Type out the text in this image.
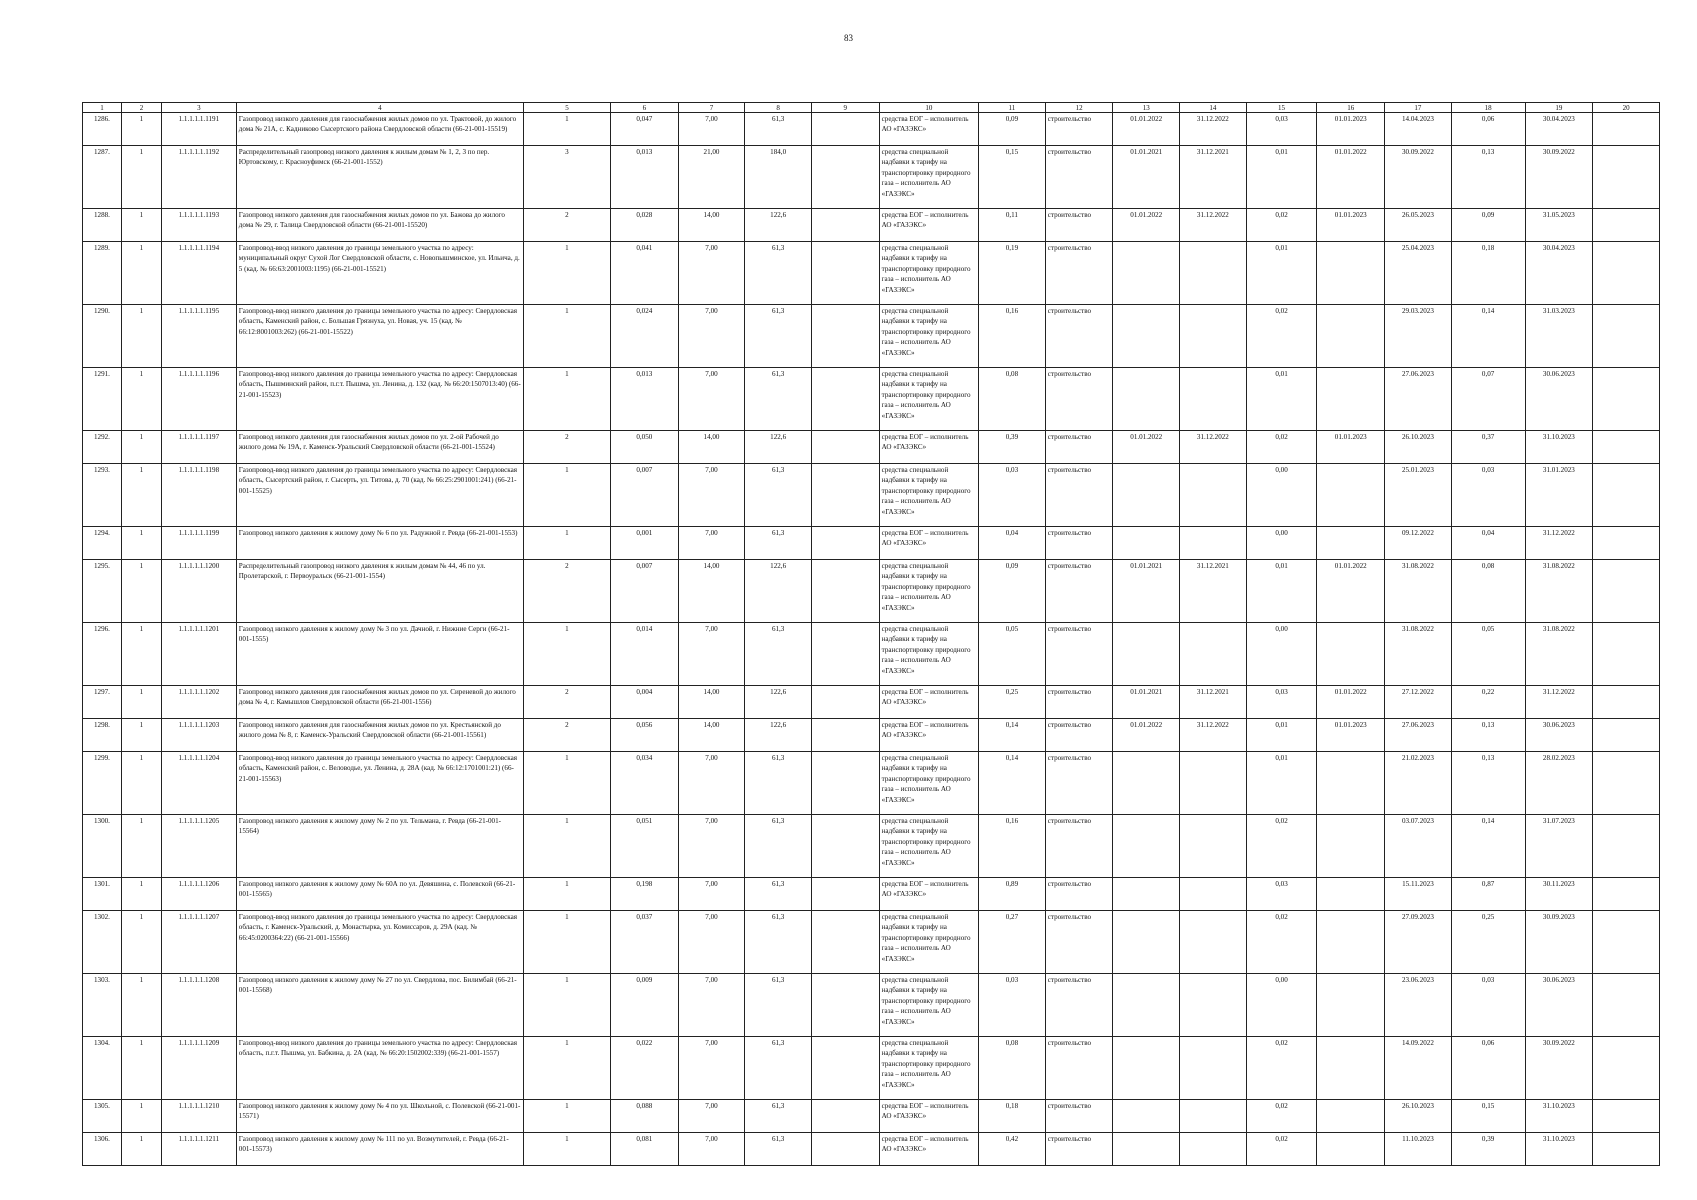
83
1	2	3	4	5	6	7	8	9	10	11	12	13	14	15	16	17	18	19	20
1286.	1	1.1.1.1.1.1191	Газопровод низкого давления для газоснабжения жилых домов по ул. Трактовой, до жилого дома № 21А, с. Кадниково Сысертского района Свердловской области (66-21-001-15519)	1	0,047	7,00	61,3		средства ЕОГ – исполнитель АО «ГАЗЭКС»	0,09	строительство	01.01.2022	31.12.2022	0,03	01.01.2023	14.04.2023	0,06	30.04.2023	
1287.	1	1.1.1.1.1.1192	Распределительный газопровод низкого давления к жилым домам № 1, 2, 3 по пер. Юртовскому, г. Красноуфимск (66-21-001-1552)	3	0,013	21,00	184,0		средства специальной надбавки к тарифу на транспортировку природного газа – исполнитель АО «ГАЗЭКС»	0,15	строительство	01.01.2021	31.12.2021	0,01	01.01.2022	30.09.2022	0,13	30.09.2022	
1288.	1	1.1.1.1.1.1193	Газопровод низкого давления для газоснабжения жилых домов по ул. Бажова до жилого дома № 29, г. Талица Свердловской области (66-21-001-15520)	2	0,028	14,00	122,6		средства ЕОГ – исполнитель АО «ГАЗЭКС»	0,11	строительство	01.01.2022	31.12.2022	0,02	01.01.2023	26.05.2023	0,09	31.05.2023	
1289.	1	1.1.1.1.1.1194	Газопровод-ввод низкого давления до границы земельного участка по адресу: муниципальный округ Сухой Лог Свердловской области, с. Новопышминское, ул. Ильича, д. 5 (кад. № 66:63:2001003:1195) (66-21-001-15521)	1	0,041	7,00	61,3		средства специальной надбавки к тарифу на транспортировку природного газа – исполнитель АО «ГАЗЭКС»	0,19	строительство			0,01		25.04.2023	0,18	30.04.2023	
1290.	1	1.1.1.1.1.1195	Газопровод-ввод низкого давления до границы земельного участка по адресу: Свердловская область, Каменский район, с. Большая Грязнуха, ул. Новая, уч. 15 (кад. № 66:12:8001003:262) (66-21-001-15522)	1	0,024	7,00	61,3		средства специальной надбавки к тарифу на транспортировку природного газа – исполнитель АО «ГАЗЭКС»	0,16	строительство			0,02		29.03.2023	0,14	31.03.2023	
1291.	1	1.1.1.1.1.1196	Газопровод-ввод низкого давления до границы земельного участка по адресу: Свердловская область, Пышминский район, п.г.т. Пышма, ул. Ленина, д. 132 (кад. № 66:20:1507013:40) (66-21-001-15523)	1	0,013	7,00	61,3		средства специальной надбавки к тарифу на транспортировку природного газа – исполнитель АО «ГАЗЭКС»	0,08	строительство			0,01		27.06.2023	0,07	30.06.2023	
1292.	1	1.1.1.1.1.1197	Газопровод низкого давления для газоснабжения жилых домов по ул. 2-ой Рабочей до жилого дома № 19А, г. Каменск-Уральский Свердловской области (66-21-001-15524)	2	0,050	14,00	122,6		средства ЕОГ – исполнитель АО «ГАЗЭКС»	0,39	строительство	01.01.2022	31.12.2022	0,02	01.01.2023	26.10.2023	0,37	31.10.2023	
1293.	1	1.1.1.1.1.1198	Газопровод-ввод низкого давления до границы земельного участка по адресу: Свердловская область, Сысертский район, г. Сысерть, ул. Титова, д. 70 (кад. № 66:25:2901001:241) (66-21-001-15525)	1	0,007	7,00	61,3		средства специальной надбавки к тарифу на транспортировку природного газа – исполнитель АО «ГАЗЭКС»	0,03	строительство			0,00		25.01.2023	0,03	31.01.2023	
1294.	1	1.1.1.1.1.1199	Газопровод низкого давления к жилому дому № 6 по ул. Радужной г. Ревда (66-21-001-1553)	1	0,001	7,00	61,3		средства ЕОГ – исполнитель АО «ГАЗЭКС»	0,04	строительство			0,00		09.12.2022	0,04	31.12.2022	
1295.	1	1.1.1.1.1.1200	Распределительный газопровод низкого давления к жилым домам № 44, 46 по ул. Пролетарской, г. Первоуральск (66-21-001-1554)	2	0,007	14,00	122,6		средства специальной надбавки к тарифу на транспортировку природного газа – исполнитель АО «ГАЗЭКС»	0,09	строительство	01.01.2021	31.12.2021	0,01	01.01.2022	31.08.2022	0,08	31.08.2022	
1296.	1	1.1.1.1.1.1201	Газопровод низкого давления к жилому дому № 3 по ул. Дачной, г. Нижние Серги (66-21-001-1555)	1	0,014	7,00	61,3		средства специальной надбавки к тарифу на транспортировку природного газа – исполнитель АО «ГАЗЭКС»	0,05	строительство			0,00		31.08.2022	0,05	31.08.2022	
1297.	1	1.1.1.1.1.1202	Газопровод низкого давления для газоснабжения жилых домов по ул. Сиреневой до жилого дома № 4, г. Камышлов Свердловской области (66-21-001-1556)	2	0,004	14,00	122,6		средства ЕОГ – исполнитель АО «ГАЗЭКС»	0,25	строительство	01.01.2021	31.12.2021	0,03	01.01.2022	27.12.2022	0,22	31.12.2022	
1298.	1	1.1.1.1.1.1203	Газопровод низкого давления для газоснабжения жилых домов по ул. Крестьянской до жилого дома № 8, г. Каменск-Уральский Свердловской области (66-21-001-15561)	2	0,056	14,00	122,6		средства ЕОГ – исполнитель АО «ГАЗЭКС»	0,14	строительство	01.01.2022	31.12.2022	0,01	01.01.2023	27.06.2023	0,13	30.06.2023	
1299.	1	1.1.1.1.1.1204	Газопровод-ввод низкого давления до границы земельного участка по адресу: Свердловская область, Каменский район, с. Beловодье, ул. Ленина, д. 28А (кад. № 66:12:1701001:21) (66-21-001-15563)	1	0,034	7,00	61,3		средства специальной надбавки к тарифу на транспортировку природного газа – исполнитель АО «ГАЗЭКС»	0,14	строительство			0,01		21.02.2023	0,13	28.02.2023	
1300.	1	1.1.1.1.1.1205	Газопровод низкого давления к жилому дому № 2 по ул. Тельмана, г. Ревда (66-21-001-15564)	1	0,051	7,00	61,3		средства специальной надбавки к тарифу на транспортировку природного газа – исполнитель АО «ГАЗЭКС»	0,16	строительство			0,02		03.07.2023	0,14	31.07.2023	
1301.	1	1.1.1.1.1.1206	Газопровод низкого давления к жилому дому № 60А по ул. Девяшина, с. Полевской (66-21-001-15565)	1	0,198	7,00	61,3		средства ЕОГ – исполнитель АО «ГАЗЭКС»	0,89	строительство			0,03		15.11.2023	0,87	30.11.2023	
1302.	1	1.1.1.1.1.1207	Газопровод-ввод низкого давления до границы земельного участка по адресу: Свердловская область, г. Каменск-Уральский, д. Монастырка, ул. Комиссаров, д. 29А (кад. № 66:45:0200364:22) (66-21-001-15566)	1	0,037	7,00	61,3		средства специальной надбавки к тарифу на транспортировку природного газа – исполнитель АО «ГАЗЭКС»	0,27	строительство			0,02		27.09.2023	0,25	30.09.2023	
1303.	1	1.1.1.1.1.1208	Газопровод низкого давления к жилому дому № 27 по ул. Свердлова, пос. Билимбай (66-21-001-15568)	1	0,009	7,00	61,3		средства специальной надбавки к тарифу на транспортировку природного газа – исполнитель АО «ГАЗЭКС»	0,03	строительство			0,00		23.06.2023	0,03	30.06.2023	
1304.	1	1.1.1.1.1.1209	Газопровод-ввод низкого давления до границы земельного участка по адресу: Свердловская область, п.г.т. Пышма, ул. Бабкина, д. 2А (кад. № 66:20:1502002:339) (66-21-001-1557)	1	0,022	7,00	61,3		средства специальной надбавки к тарифу на транспортировку природного газа – исполнитель АО «ГАЗЭКС»	0,08	строительство			0,02		14.09.2022	0,06	30.09.2022	
1305.	1	1.1.1.1.1.1210	Газопровод низкого давления к жилому дому № 4 по ул. Школьной, с. Полевской (66-21-001-15571)	1	0,088	7,00	61,3		средства ЕОГ – исполнитель АО «ГАЗЭКС»	0,18	строительство			0,02		26.10.2023	0,15	31.10.2023	
1306.	1	1.1.1.1.1.1211	Газопровод низкого давления к жилому дому № 111 по ул. Возмутителей, г. Ревда (66-21-001-15573)	1	0,081	7,00	61,3		средства ЕОГ – исполнитель АО «ГАЗЭКС»	0,42	строительство			0,02		11.10.2023	0,39	31.10.2023	
